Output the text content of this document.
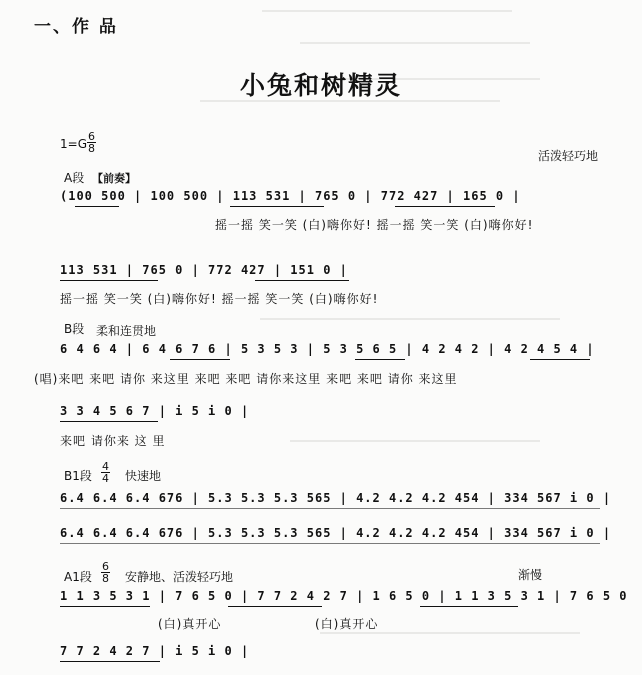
一、作 品
小兔和树精灵
$1=G \frac{6}{8}$
活泼轻巧地
A段 【前奏】
(100 500 | 100 500 | 113 531 | 765 0 | 772 427 | 165 0 |
摇一摇 笑一笑 (白)嗨你好! 摇一摇 笑一笑 (白)嗨你好!
113 531 | 765 0 | 772 427 | 151 0 |
摇一摇 笑一笑 (白)嗨你好! 摇一摇 笑一笑 (白)嗨你好!
B段 柔和连贯地
6 4 6 4 | 6 4 6 7 6 | 5 3 5 3 | 5 3 5 6 5 | 4 2 4 2 | 4 2 4 5 4 |
(唱)来吧 来吧 请你 来这里 来吧 来吧 请你来这里 来吧 来吧 请你 来这里
3 3 4 5 6 7 | i 5 i 0 |
来吧 请你来 这 里
B1段 $\frac{4}{4}$ 快速地
6.4 6.4 6.4 676 | 5.3 5.3 5.3 565 | 4.2 4.2 4.2 454 | 334 567 i 0 |
6.4 6.4 6.4 676 | 5.3 5.3 5.3 565 | 4.2 4.2 4.2 454 | 334 567 i 0 |
A1段 $\frac{6}{8}$ 安静地、活泼轻巧地	渐慢
1 1 3 5 3 1 | 7 6 5 0 | 7 7 2 4 2 7 | 1 6 5 0 | 1 1 3 5 3 1 | 7 6 5 0
(白)真开心	(白)真开心
7 7 2 4 2 7 | i 5 i 0 |
